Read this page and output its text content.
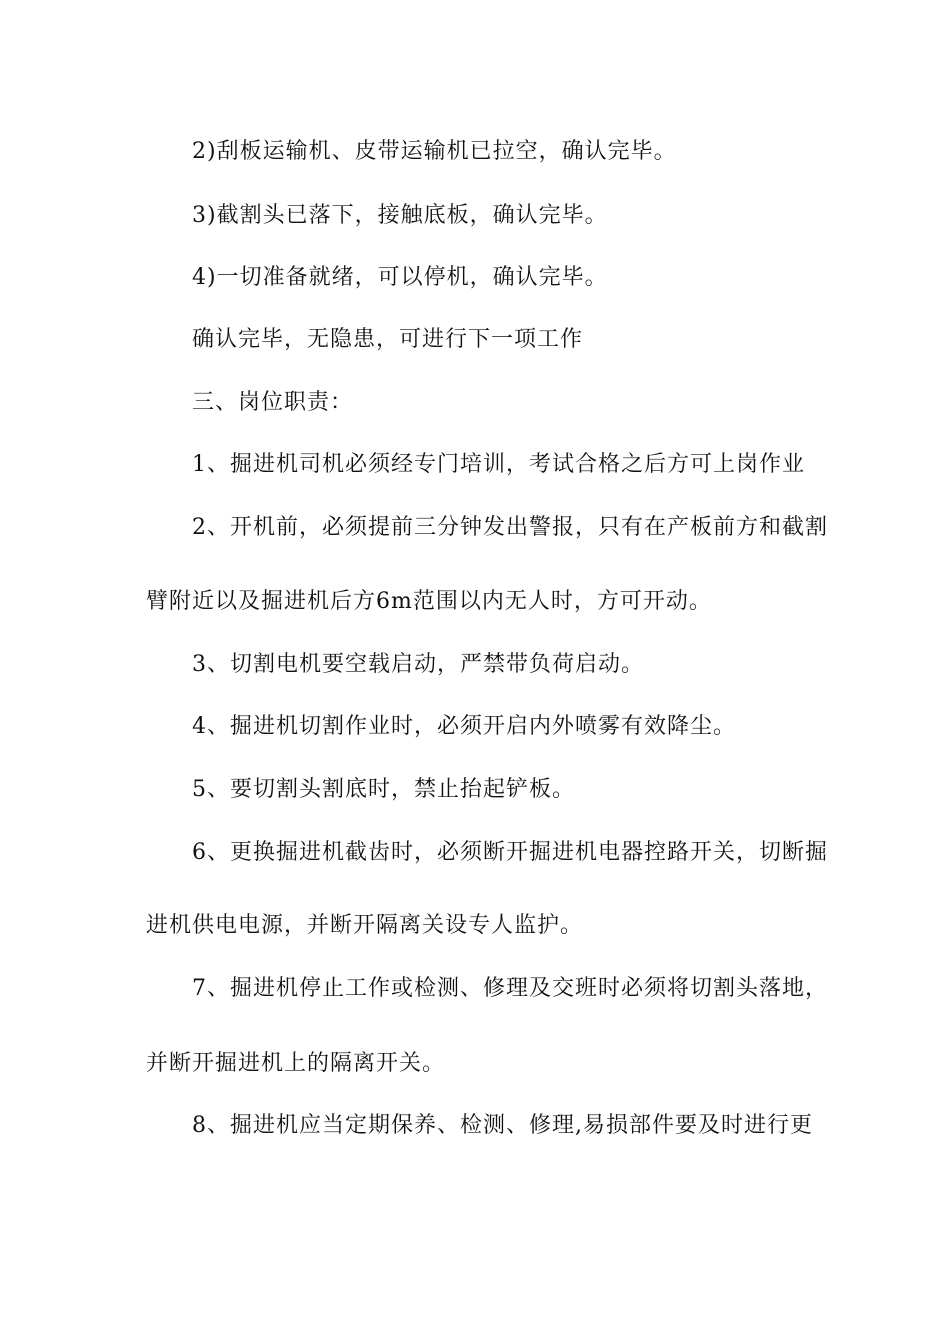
2)刮板运输机、皮带运输机已拉空，确认完毕。
3)截割头已落下，接触底板，确认完毕。
4)一切准备就绪，可以停机，确认完毕。
确认完毕，无隐患，可进行下一项工作
三、岗位职责：
1、掘进机司机必须经专门培训，考试合格之后方可上岗作业
2、开机前，必须提前三分钟发出警报，只有在产板前方和截割
臂附近以及掘进机后方6m范围以内无人时，方可开动。
3、切割电机要空载启动，严禁带负荷启动。
4、掘进机切割作业时，必须开启内外喷雾有效降尘。
5、要切割头割底时，禁止抬起铲板。
6、更换掘进机截齿时，必须断开掘进机电器控路开关，切断掘
进机供电电源，并断开隔离关设专人监护。
7、掘进机停止工作或检测、修理及交班时必须将切割头落地，
并断开掘进机上的隔离开关。
8、掘进机应当定期保养、检测、修理,易损部件要及时进行更
